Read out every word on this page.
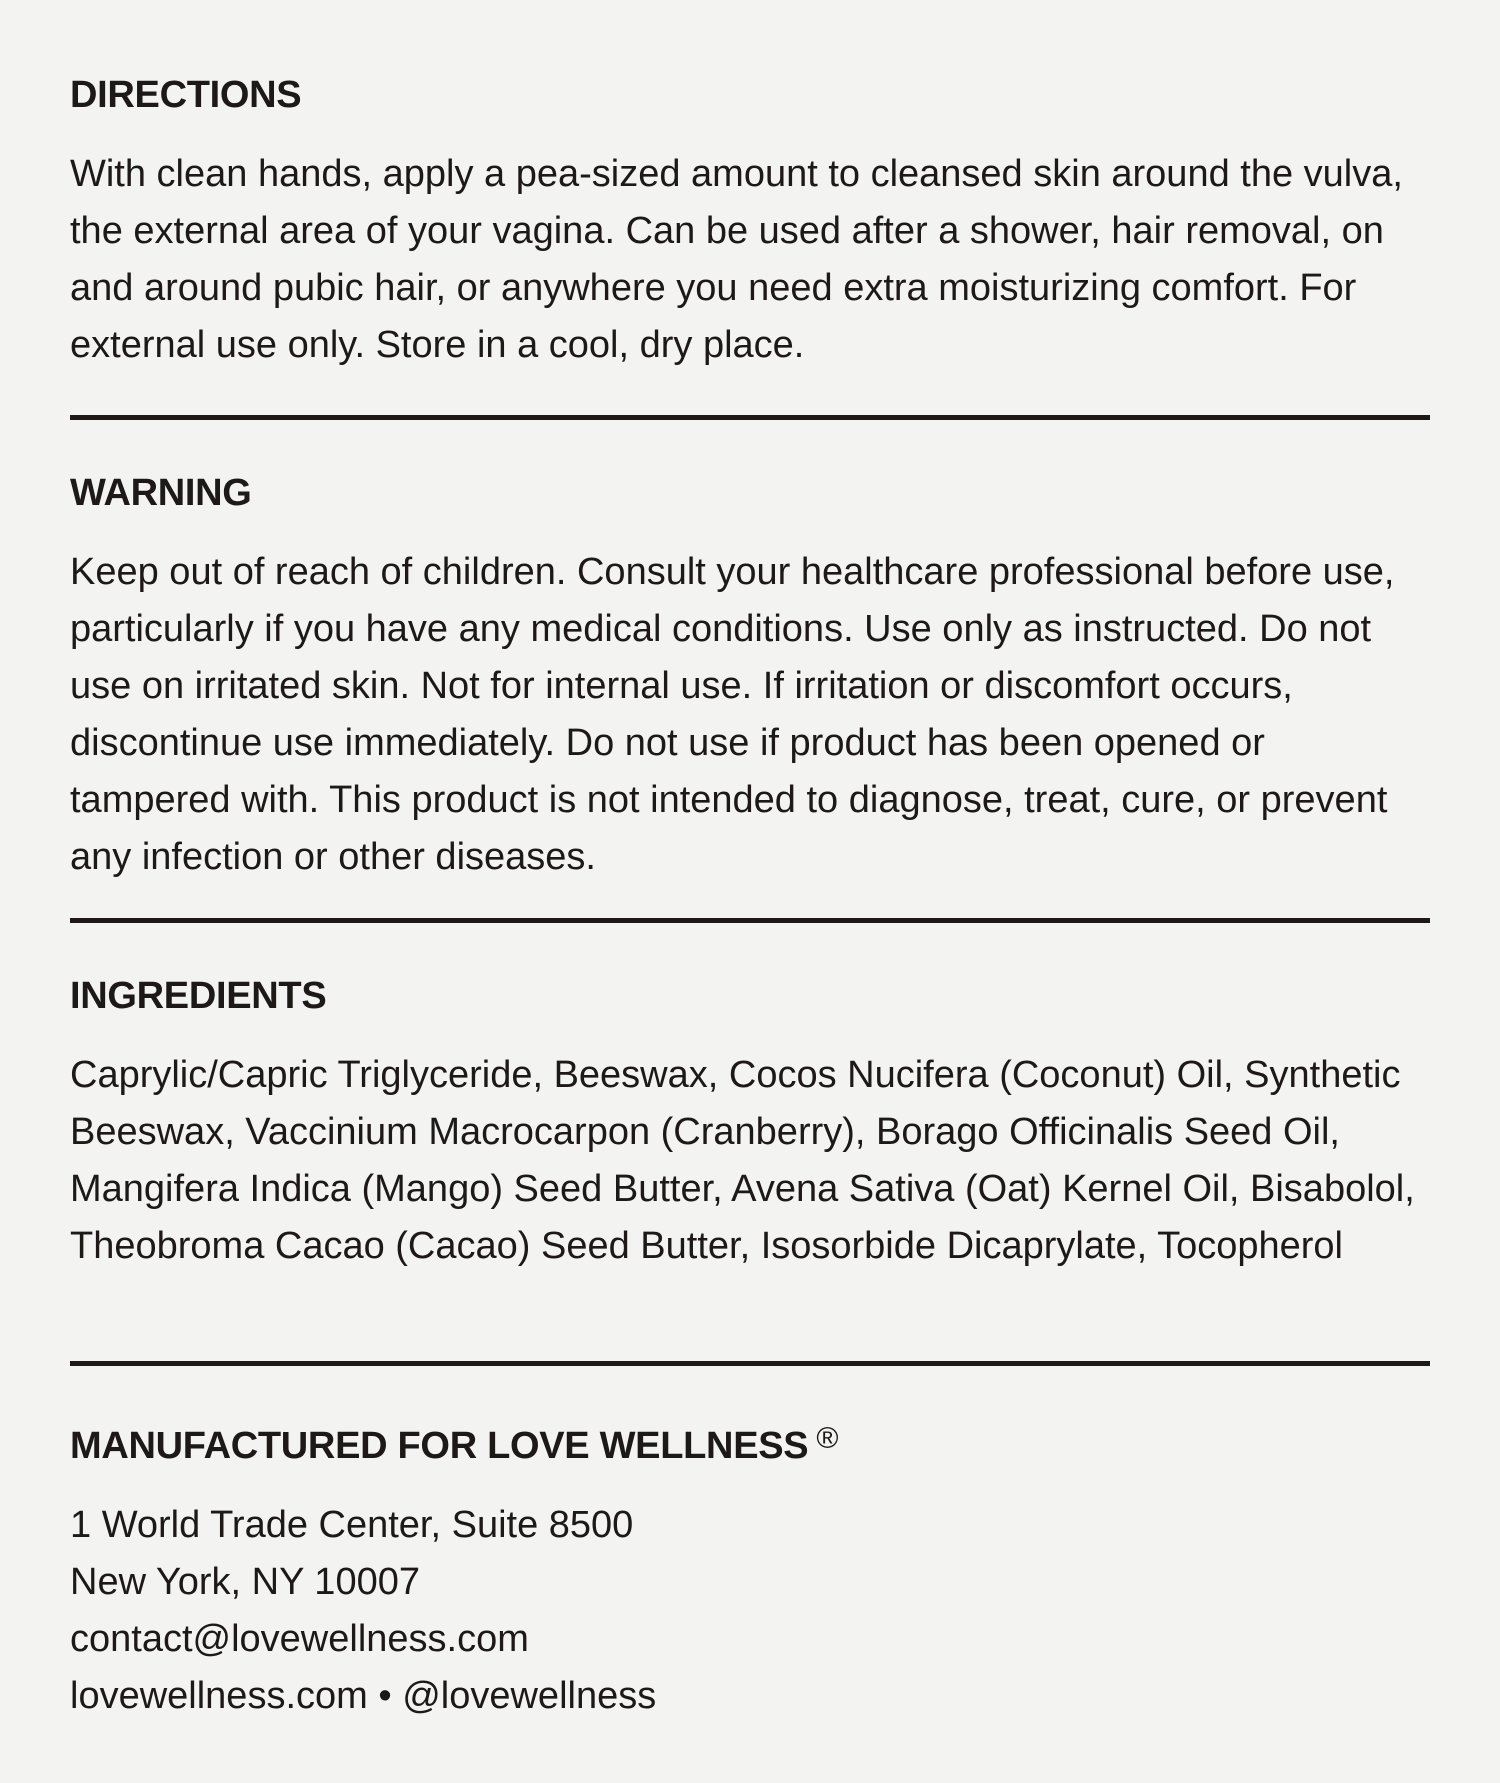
DIRECTIONS

With clean hands, apply a pea-sized amount to cleansed skin around the vulva, the external area of your vagina. Can be used after a shower, hair removal, on and around pubic hair, or anywhere you need extra moisturizing comfort. For external use only. Store in a cool, dry place.

WARNING

Keep out of reach of children. Consult your healthcare professional before use, particularly if you have any medical conditions. Use only as instructed. Do not use on irritated skin. Not for internal use. If irritation or discomfort occurs, discontinue use immediately. Do not use if product has been opened or tampered with. This product is not intended to diagnose, treat, cure, or prevent any infection or other diseases.

INGREDIENTS

Caprylic/Capric Triglyceride, Beeswax, Cocos Nucifera (Coconut) Oil, Synthetic Beeswax, Vaccinium Macrocarpon (Cranberry), Borago Officinalis Seed Oil, Mangifera Indica (Mango) Seed Butter, Avena Sativa (Oat) Kernel Oil, Bisabolol, Theobroma Cacao (Cacao) Seed Butter, Isosorbide Dicaprylate, Tocopherol

MANUFACTURED FOR LOVE WELLNESS ®
1 World Trade Center, Suite 8500
New York, NY 10007
contact@lovewellness.com
lovewellness.com • @lovewellness
